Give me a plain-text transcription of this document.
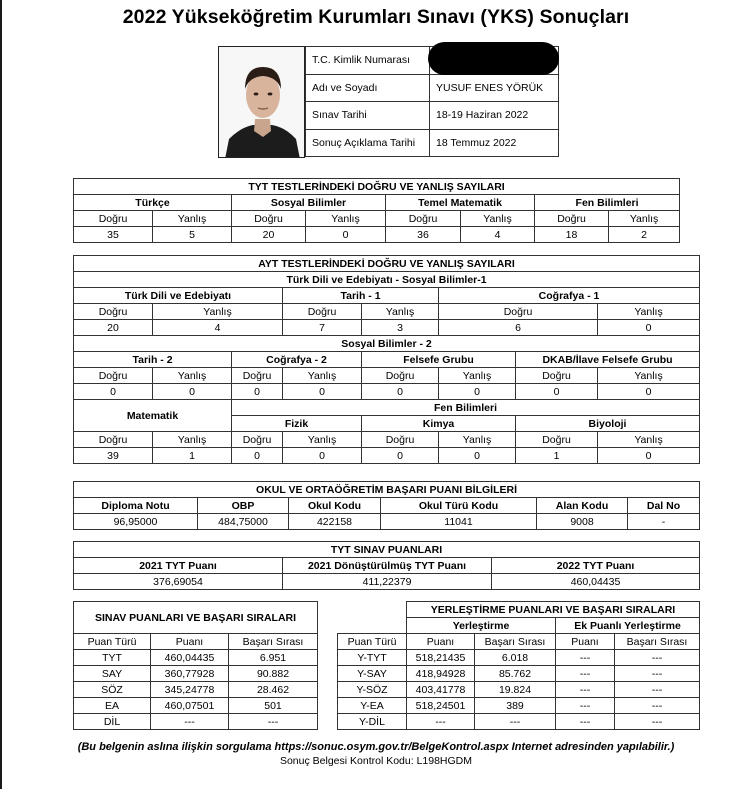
2022 Yükseköğretim Kurumları Sınavı (YKS) Sonuçları
T.C. Kimlik Numarası	
Adı ve Soyadı	YUSUF ENES YÖRÜK
Sınav Tarihi	18-19 Haziran 2022
Sonuç Açıklama Tarihi	18 Temmuz 2022
TYT TESTLERİNDEKİ DOĞRU VE YANLIŞ SAYILARI							
Türkçe		Sosyal Bilimler		Temel Matematik		Fen Bilimleri	
Doğru	Yanlış	Doğru	Yanlış	Doğru	Yanlış	Doğru	Yanlış
35	5	20	0	36	4	18	2
AYT TESTLERİNDEKİ DOĞRU VE YANLIŞ SAYILARI							
Türk Dili ve Edebiyatı - Sosyal Bilimler-1							
Türk Dili ve Edebiyatı			Tarih - 1		Coğrafya - 1		
Doğru	Yanlış		Doğru	Yanlış	Doğru		Yanlış
20	4		7	3	6		0
Sosyal Bilimler - 2							
Tarih - 2		Coğrafya - 2		Felsefe Grubu		DKAB/İlave Felsefe Grubu	
Doğru	Yanlış	Doğru	Yanlış	Doğru	Yanlış	Doğru	Yanlış
0	0	0	0	0	0	0	0
Matematik		Fen Bilimleri					
		Fizik		Kimya		Biyoloji	
Doğru	Yanlış	Doğru	Yanlış	Doğru	Yanlış	Doğru	Yanlış
39	1	0	0	0	0	1	0
OKUL VE ORTAÖĞRETİM BAŞARI PUANI BİLGİLERİ					
Diploma Notu	OBP	Okul Kodu	Okul Türü Kodu	Alan Kodu	Dal No
96,95000	484,75000	422158	11041	9008	-
TYT SINAV PUANLARI		
2021 TYT Puanı	2021 Dönüştürülmüş TYT Puanı	2022 TYT Puanı
376,69054	411,22379	460,04435
SINAV PUANLARI VE BAŞARI SIRALARI		
Puan Türü	Puanı	Başarı Sırası
TYT	460,04435	6.951
SAY	360,77928	90.882
SÖZ	345,24778	28.462
EA	460,07501	501
DİL	---	---
	YERLEŞTİRME PUANLARI VE BAŞARI SIRALARI			
	Yerleştirme		Ek Puanlı Yerleştirme	
Puan Türü	Puanı	Başarı Sırası	Puanı	Başarı Sırası
Y-TYT	518,21435	6.018	---	---
Y-SAY	418,94928	85.762	---	---
Y-SÖZ	403,41778	19.824	---	---
Y-EA	518,24501	389	---	---
Y-DİL	---	---	---	---
(Bu belgenin aslına ilişkin sorgulama https://sonuc.osym.gov.tr/BelgeKontrol.aspx Internet adresinden yapılabilir.)
Sonuç Belgesi Kontrol Kodu: L198HGDM
